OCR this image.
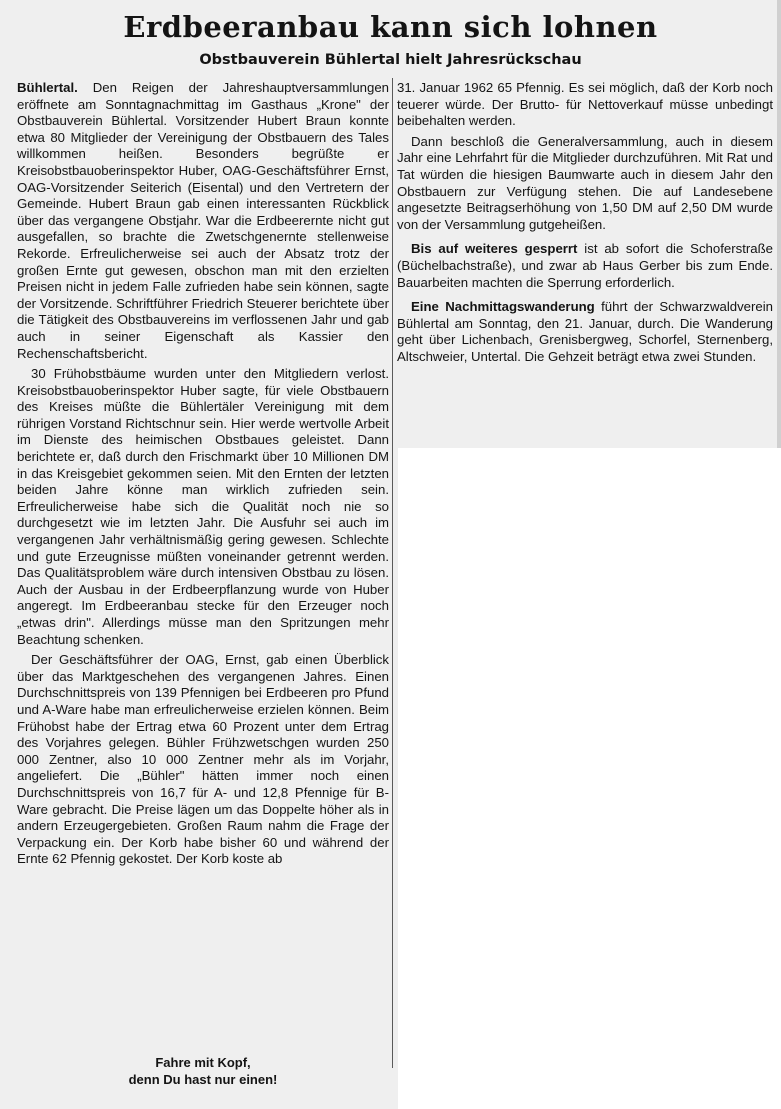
Erdbeeranbau kann sich lohnen
Obstbauverein Bühlertal hielt Jahresrückschau

Bühlertal. Den Reigen der Jahreshauptversammlungen eröffnete am Sonntagnachmittag im Gasthaus „Krone" der Obstbauverein Bühlertal. Vorsitzender Hubert Braun konnte etwa 80 Mitglieder der Vereinigung der Obstbauern des Tales willkommen heißen. Besonders begrüßte er Kreisobstbauoberinspektor Huber, OAG-Geschäftsführer Ernst, OAG-Vorsitzender Seiterich (Eisental) und den Vertretern der Gemeinde. Hubert Braun gab einen interessanten Rückblick über das vergangene Obstjahr. War die Erdbeerernte nicht gut ausgefallen, so brachte die Zwetschgenernte stellenweise Rekorde. Erfreulicherweise sei auch der Absatz trotz der großen Ernte gut gewesen, obschon man mit den erzielten Preisen nicht in jedem Falle zufrieden habe sein können, sagte der Vorsitzende. Schriftführer Friedrich Steuerer berichtete über die Tätigkeit des Obstbauvereins im verflossenen Jahr und gab auch in seiner Eigenschaft als Kassier den Rechenschaftsbericht.

30 Frühobstbäume wurden unter den Mitgliedern verlost. Kreisobstbauoberinspektor Huber sagte, für viele Obstbauern des Kreises müßte die Bühlertäler Vereinigung mit dem rührigen Vorstand Richtschnur sein. Hier werde wertvolle Arbeit im Dienste des heimischen Obstbaues geleistet. Dann berichtete er, daß durch den Frischmarkt über 10 Millionen DM in das Kreisgebiet gekommen seien. Mit den Ernten der letzten beiden Jahre könne man wirklich zufrieden sein. Erfreulicherweise habe sich die Qualität noch nie so durchgesetzt wie im letzten Jahr. Die Ausfuhr sei auch im vergangenen Jahr verhältnismäßig gering gewesen. Schlechte und gute Erzeugnisse müßten voneinander getrennt werden. Das Qualitätsproblem wäre durch intensiven Obstbau zu lösen. Auch der Ausbau in der Erdbeerpflanzung wurde von Huber angeregt. Im Erdbeeranbau stecke für den Erzeuger noch „etwas drin". Allerdings müsse man den Spritzungen mehr Beachtung schenken.

Der Geschäftsführer der OAG, Ernst, gab einen Überblick über das Marktgeschehen des vergangenen Jahres. Einen Durchschnittspreis von 139 Pfennigen bei Erdbeeren pro Pfund und A-Ware habe man erfreulicherweise erzielen können. Beim Frühobst habe der Ertrag etwa 60 Prozent unter dem Ertrag des Vorjahres gelegen. Bühler Frühzwetschgen wurden 250 000 Zentner, also 10 000 Zentner mehr als im Vorjahr, angeliefert. Die „Bühler" hätten immer noch einen Durchschnittspreis von 16,7 für A- und 12,8 Pfennige für B-Ware gebracht. Die Preise lägen um das Doppelte höher als in andern Erzeugergebieten. Großen Raum nahm die Frage der Verpackung ein. Der Korb habe bisher 60 und während der Ernte 62 Pfennig gekostet. Der Korb koste ab

31. Januar 1962 65 Pfennig. Es sei möglich, daß der Korb noch teuerer würde. Der Brutto- für Nettoverkauf müsse unbedingt beibehalten werden.

Dann beschloß die Generalversammlung, auch in diesem Jahr eine Lehrfahrt für die Mitglieder durchzuführen. Mit Rat und Tat würden die hiesigen Baumwarte auch in diesem Jahr den Obstbauern zur Verfügung stehen. Die auf Landesebene angesetzte Beitragserhöhung von 1,50 DM auf 2,50 DM wurde von der Versammlung gutgeheißen.

Bis auf weiteres gesperrt ist ab sofort die Schoferstraße (Büchelbachstraße), und zwar ab Haus Gerber bis zum Ende. Bauarbeiten machten die Sperrung erforderlich.

Eine Nachmittagswanderung führt der Schwarzwaldverein Bühlertal am Sonntag, den 21. Januar, durch. Die Wanderung geht über Lichenbach, Grenisbergweg, Schorfel, Sternenberg, Altschweier, Untertal. Die Gehzeit beträgt etwa zwei Stunden.

Fahre mit Kopf,
denn Du hast nur einen!
